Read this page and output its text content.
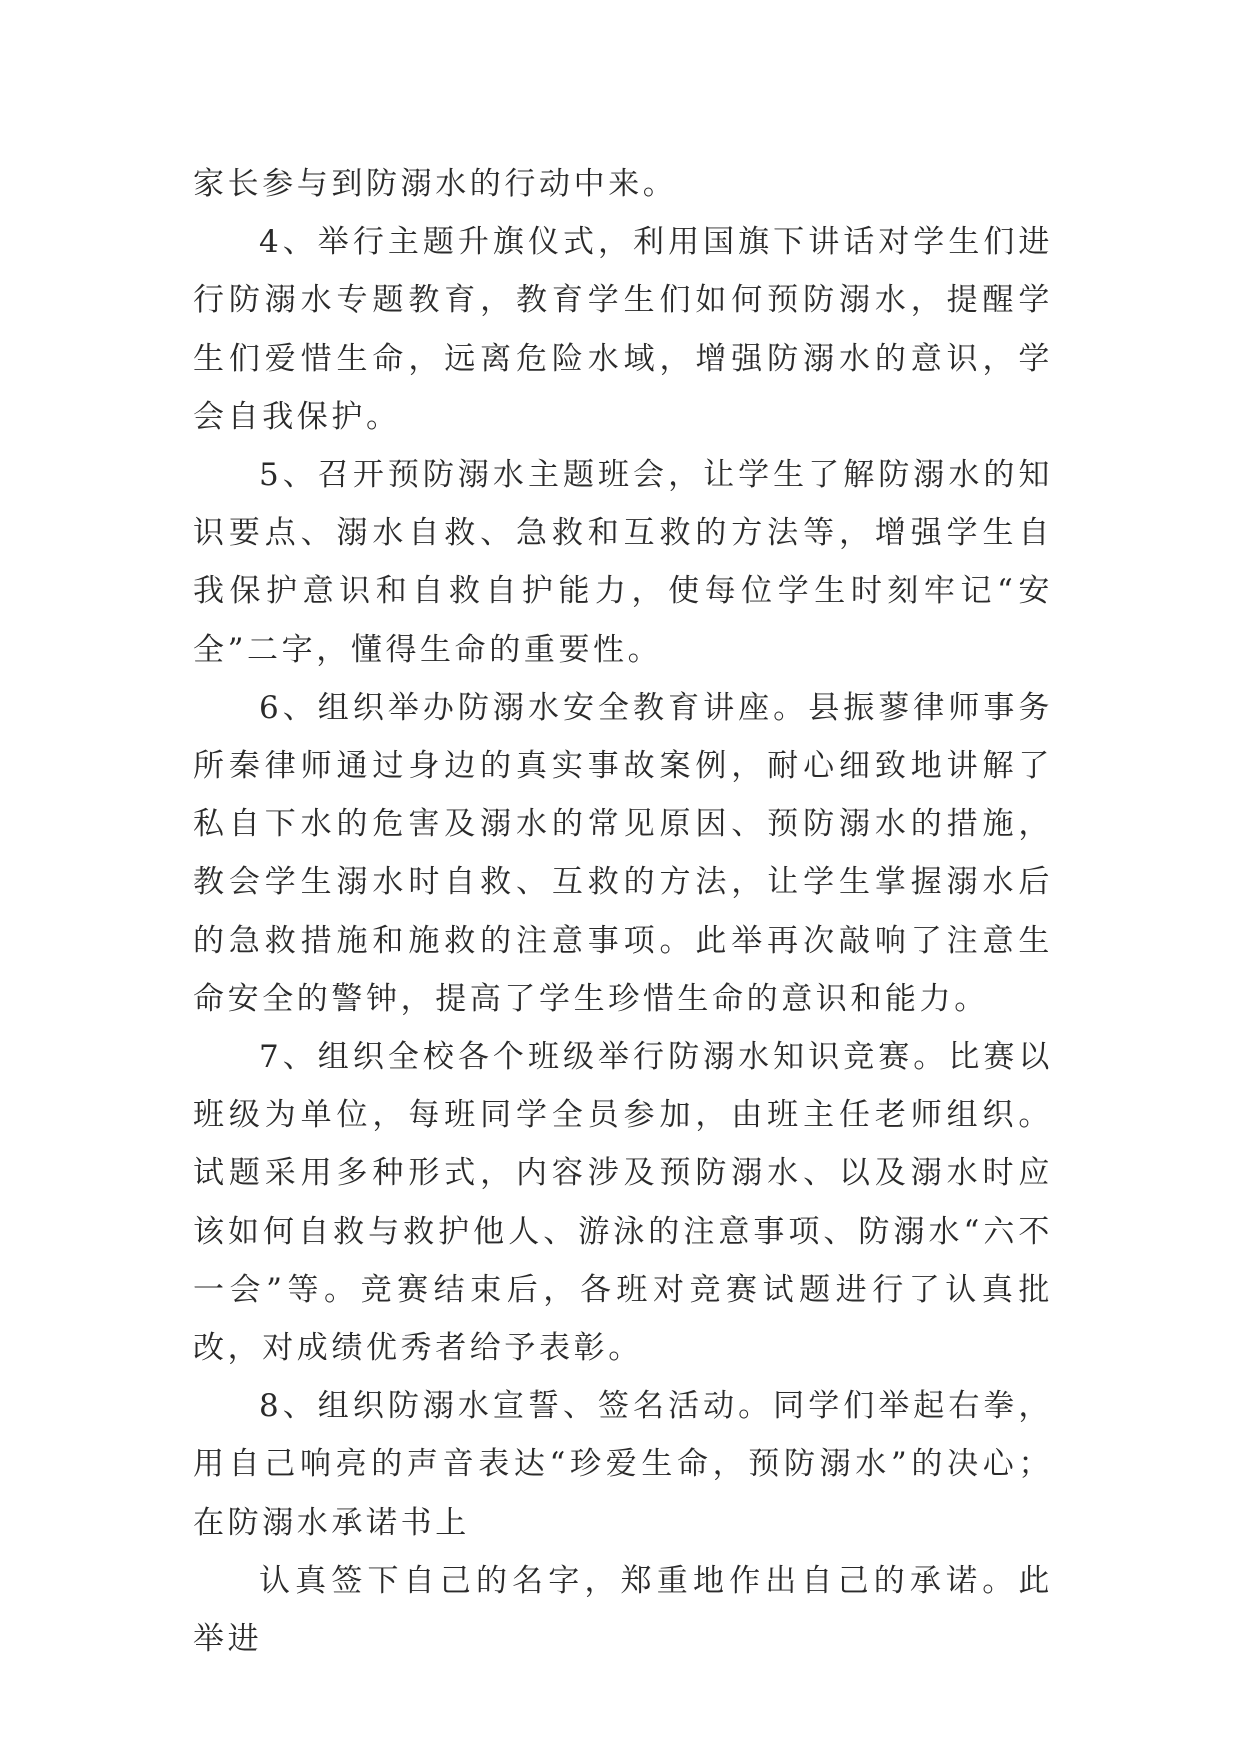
家长参与到防溺水的行动中来。

4、举行主题升旗仪式，利用国旗下讲话对学生们进行防溺水专题教育，教育学生们如何预防溺水，提醒学生们爱惜生命，远离危险水域，增强防溺水的意识，学会自我保护。

5、召开预防溺水主题班会，让学生了解防溺水的知识要点、溺水自救、急救和互救的方法等，增强学生自我保护意识和自救自护能力，使每位学生时刻牢记“安全”二字，懂得生命的重要性。

6、组织举办防溺水安全教育讲座。县振蓼律师事务所秦律师通过身边的真实事故案例，耐心细致地讲解了私自下水的危害及溺水的常见原因、预防溺水的措施，教会学生溺水时自救、互救的方法，让学生掌握溺水后的急救措施和施救的注意事项。此举再次敲响了注意生命安全的警钟，提高了学生珍惜生命的意识和能力。

7、组织全校各个班级举行防溺水知识竞赛。比赛以班级为单位，每班同学全员参加，由班主任老师组织。试题采用多种形式，内容涉及预防溺水、以及溺水时应该如何自救与救护他人、游泳的注意事项、防溺水“六不一会”等。竞赛结束后，各班对竞赛试题进行了认真批改，对成绩优秀者给予表彰。

8、组织防溺水宣誓、签名活动。同学们举起右拳，用自己响亮的声音表达“珍爱生命，预防溺水”的决心；在防溺水承诺书上

认真签下自己的名字，郑重地作出自己的承诺。此举进
